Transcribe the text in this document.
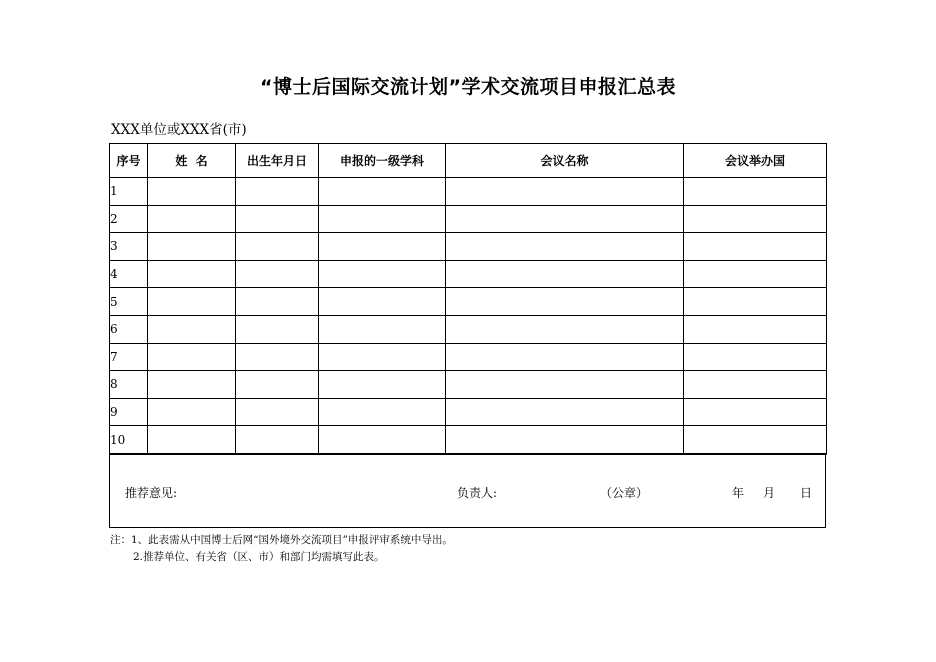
“博士后国际交流计划”学术交流项目申报汇总表
XXX单位或XXX省(市)
序号	姓  名	出生年月日	申报的一级学科	会议名称	会议举办国
1					
2					
3					
4					
5					
6					
7					
8					
9					
10					
推荐意见:	负责人:	（公章）	年 月 日
注：1、此表需从中国博士后网“国外境外交流项目”申报评审系统中导出。
2.推荐单位、有关省（区、市）和部门均需填写此表。
